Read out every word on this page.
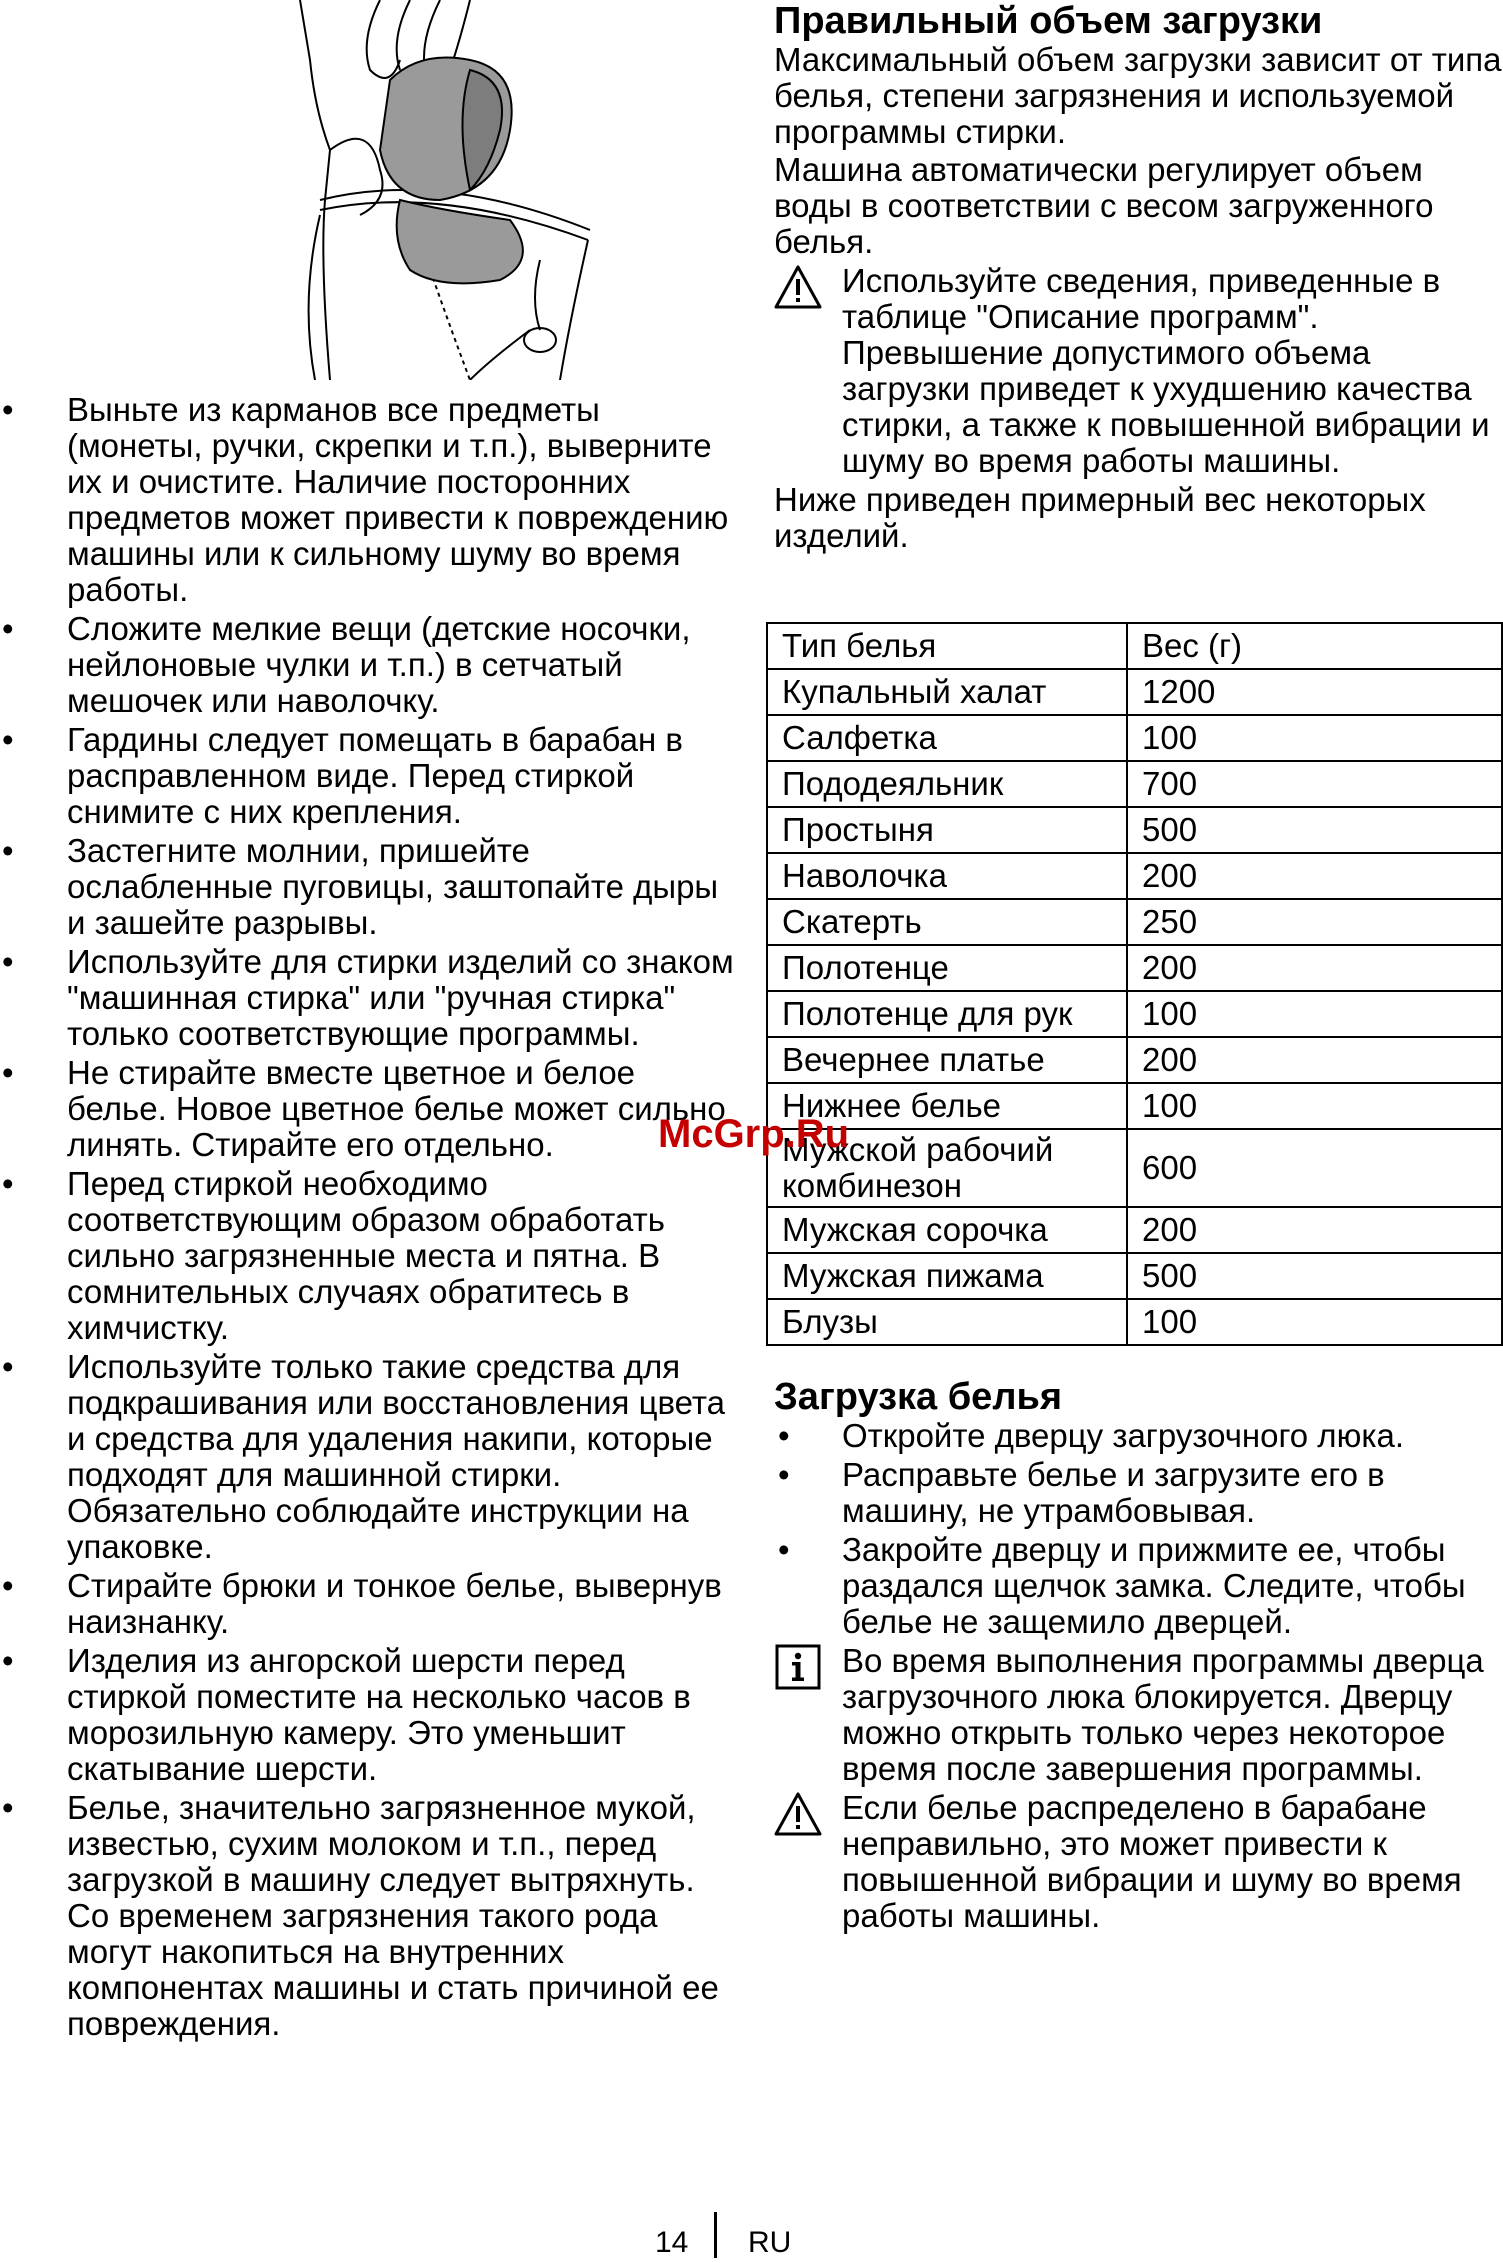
• Выньте из карманов все предметы (монеты, ручки, скрепки и т.п.), выверните их и очистите. Наличие посторонних предметов может привести к повреждению машины или к сильному шуму во время работы.
• Сложите мелкие вещи (детские носочки, нейлоновые чулки и т.п.) в сетчатый мешочек или наволочку.
• Гардины следует помещать в барабан в расправленном виде. Перед стиркой снимите с них крепления.
• Застегните молнии, пришейте ослабленные пуговицы, заштопайте дыры и зашейте разрывы.
• Используйте для стирки изделий со знаком "машинная стирка" или "ручная стирка" только соответствующие программы.
• Не стирайте вместе цветное и белое белье. Новое цветное белье может сильно линять. Стирайте его отдельно.
• Перед стиркой необходимо соответствующим образом обработать сильно загрязненные места и пятна. В сомнительных случаях обратитесь в химчистку.
• Используйте только такие средства для подкрашивания или восстановления цвета и средства для удаления накипи, которые подходят для машинной стирки. Обязательно соблюдайте инструкции на упаковке.
• Стирайте брюки и тонкое белье, вывернув наизнанку.
• Изделия из ангорской шерсти перед стиркой поместите на несколько часов в морозильную камеру. Это уменьшит скатывание шерсти.
• Белье, значительно загрязненное мукой, известью, сухим молоком и т.п., перед загрузкой в машину следует вытряхнуть. Со временем загрязнения такого рода могут накопиться на внутренних компонентах машины и стать причиной ее повреждения.
Правильный объем загрузки

Максимальный объем загрузки зависит от типа белья, степени загрязнения и используемой программы стирки.

Машина автоматически регулирует объем воды в соответствии с весом загруженного белья.

Используйте сведения, приведенные в таблице "Описание программ". Превышение допустимого объема загрузки приведет к ухудшению качества стирки, а также к повышенной вибрации и шуму во время работы машины.

Ниже приведен примерный вес некоторых изделий.

Тип белья	Вес (г)
Купальный халат	1200
Салфетка	100
Пододеяльник	700
Простыня	500
Наволочка	200
Скатерть	250
Полотенце	200
Полотенце для рук	100
Вечернее платье	200
Нижнее белье	100
Мужской рабочий комбинезон	600
Мужская сорочка	200
Мужская пижама	500
Блузы	100
Загрузка белья
• Откройте дверцу загрузочного люка.
• Расправьте белье и загрузите его в машину, не утрамбовывая.
• Закройте дверцу и прижмите ее, чтобы раздался щелчок замка. Следите, чтобы белье не защемило дверцей.
Во время выполнения программы дверца загрузочного люка блокируется. Дверцу можно открыть только через некоторое время после завершения программы.
Если белье распределено в барабане неправильно, это может привести к повышенной вибрации и шуму во время работы машины.
McGrp.Ru
14 RU
